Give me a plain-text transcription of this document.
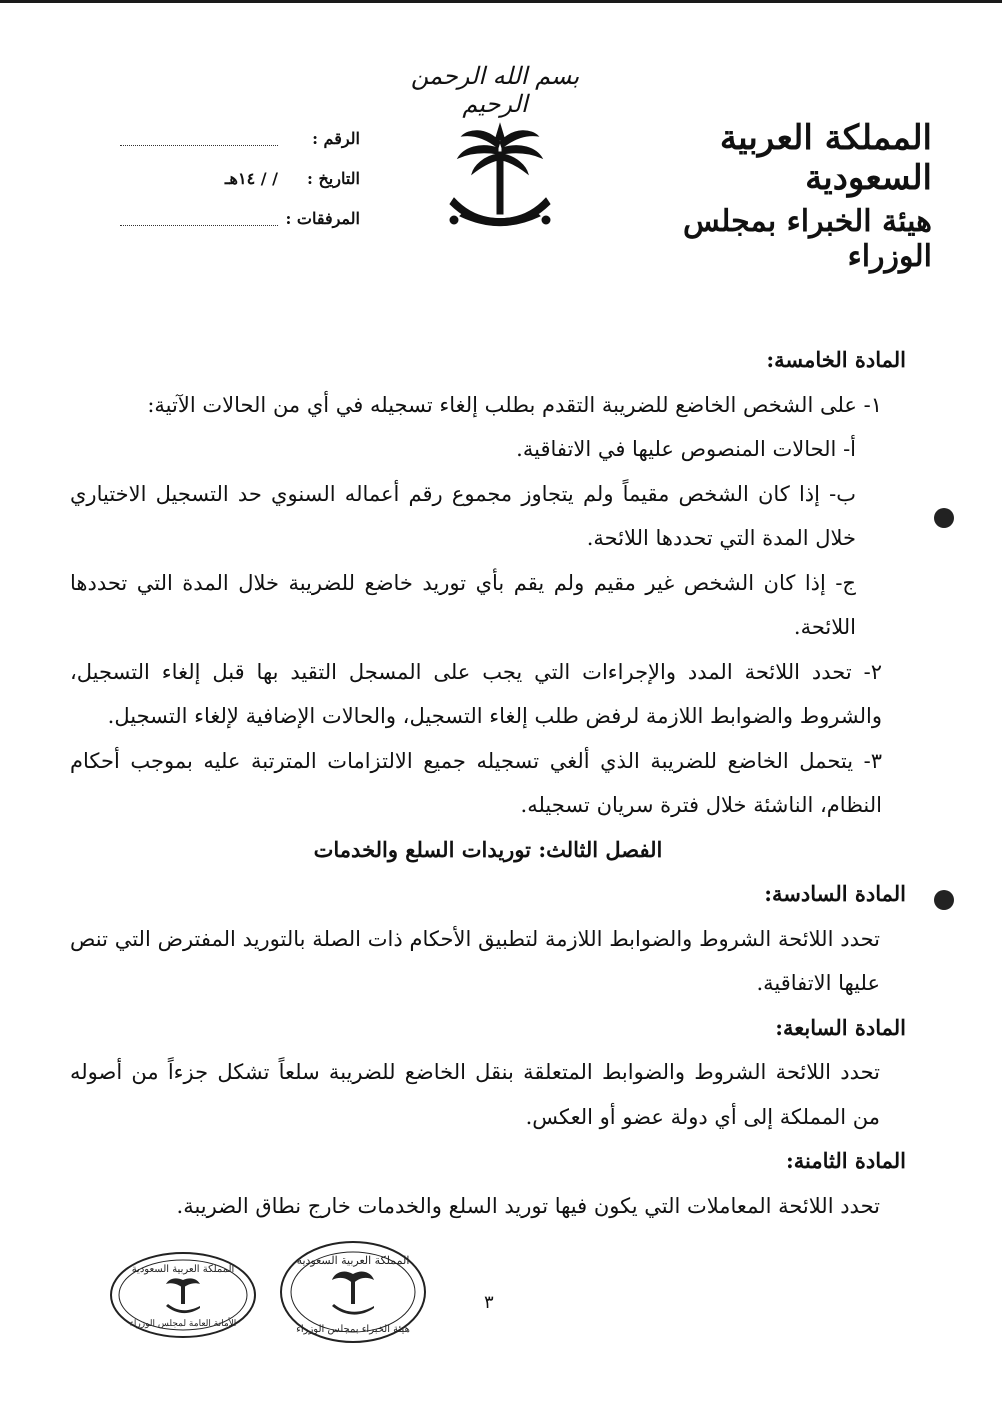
بسم الله الرحمن الرحيم
المملكة العربية السعودية
هيئة الخبراء بمجلس الوزراء
الرقم :
التاريخ :
/ / ١٤هـ
المرفقات :

المادة الخامسة:

١- على الشخص الخاضع للضريبة التقدم بطلب إلغاء تسجيله في أي من الحالات الآتية:

أ- الحالات المنصوص عليها في الاتفاقية.

ب- إذا كان الشخص مقيماً ولم يتجاوز مجموع رقم أعماله السنوي حد التسجيل الاختياري خلال المدة التي تحددها اللائحة.

ج- إذا كان الشخص غير مقيم ولم يقم بأي توريد خاضع للضريبة خلال المدة التي تحددها اللائحة.

٢- تحدد اللائحة المدد والإجراءات التي يجب على المسجل التقيد بها قبل إلغاء التسجيل، والشروط والضوابط اللازمة لرفض طلب إلغاء التسجيل، والحالات الإضافية لإلغاء التسجيل.

٣- يتحمل الخاضع للضريبة الذي ألغي تسجيله جميع الالتزامات المترتبة عليه بموجب أحكام النظام، الناشئة خلال فترة سريان تسجيله.

الفصل الثالث: توريدات السلع والخدمات

المادة السادسة:

تحدد اللائحة الشروط والضوابط اللازمة لتطبيق الأحكام ذات الصلة بالتوريد المفترض التي تنص عليها الاتفاقية.

المادة السابعة:

تحدد اللائحة الشروط والضوابط المتعلقة بنقل الخاضع للضريبة سلعاً تشكل جزءاً من أصوله من المملكة إلى أي دولة عضو أو العكس.

المادة الثامنة:

تحدد اللائحة المعاملات التي يكون فيها توريد السلع والخدمات خارج نطاق الضريبة.

٣
المملكة العربية السعودية
الأمانة العامة لمجلس الوزراء
المملكة العربية السعودية
هيئة الخبراء بمجلس الوزراء
